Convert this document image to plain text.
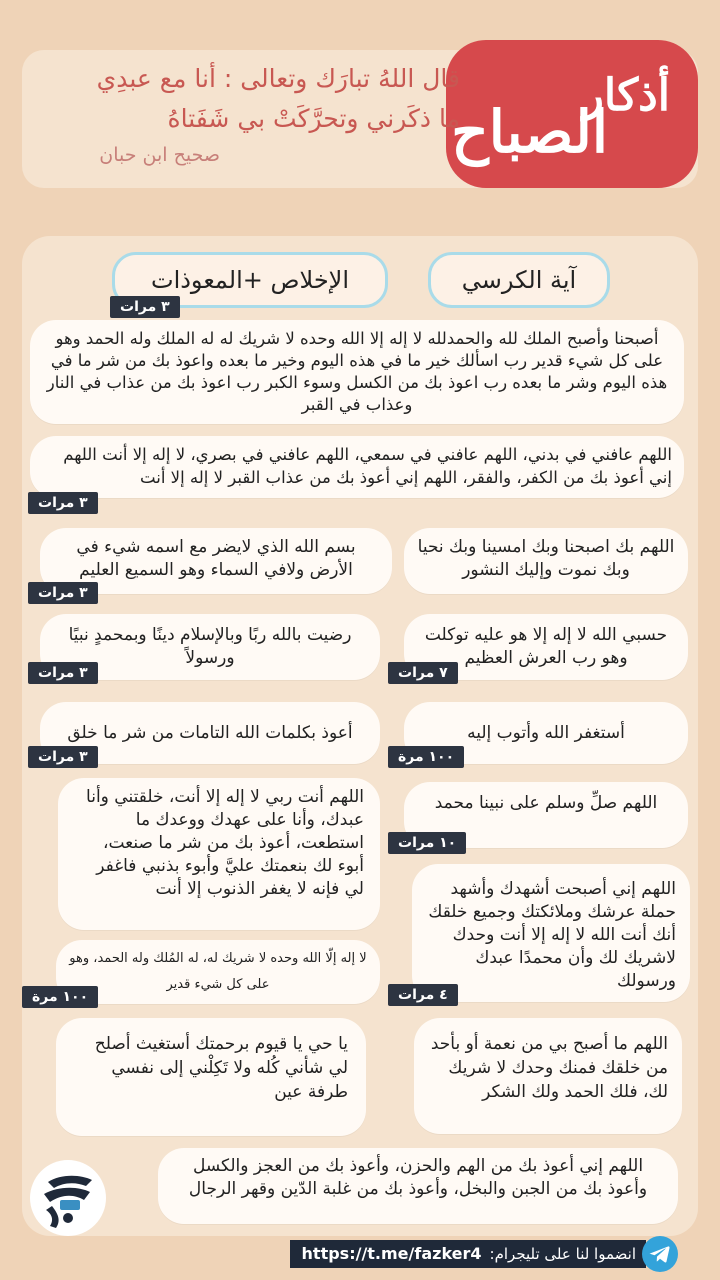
أذكار
الصباح
قال اللهُ تبارَك وتعالى : أنا مع عبدِي
ما ذكَرني وتحرَّكَتْ بي شَفَتاهُ
صحيح ابن حبان
آية الكرسي
الإخلاص +المعوذات
٣ مرات
أصبحنا وأصبح الملك لله والحمدلله لا إله إلا الله وحده لا شريك له له الملك وله الحمد وهو على كل شيء قدير رب اسألك خير ما في هذه اليوم وخير ما بعده واعوذ بك من شر ما في هذه اليوم وشر ما بعده رب اعوذ بك من الكسل وسوء الكبر رب اعوذ بك من عذاب في النار وعذاب في القبر
اللهم عافني في بدني، اللهم عافني في سمعي، اللهم عافني في بصري، لا إله إلا أنت اللهم إني أعوذ بك من الكفر، والفقر، اللهم إني أعوذ بك من عذاب القبر لا إله إلا أنت
٣ مرات
اللهم بك اصبحنا وبك امسينا وبك نحيا وبك نموت وإليك النشور
بسم الله الذي لايضر مع اسمه شيء في الأرض ولافي السماء وهو السميع العليم
٣ مرات
حسبي الله لا إله إلا هو عليه توكلت وهو رب العرش العظيم
٧ مرات
رضيت بالله ربًا وبالإسلام دينًا وبمحمدٍ نبيًا ورسولاً
٣ مرات
أستغفر الله وأتوب إليه
١٠٠ مرة
أعوذ بكلمات الله التامات من شر ما خلق
٣ مرات
اللهم صلِّ وسلم على نبينا محمد
١٠ مرات
اللهم أنت ربي لا إله إلا أنت، خلقتني وأنا عبدك، وأنا على عهدك ووعدك ما استطعت، أعوذ بك من شر ما صنعت، أبوء لك بنعمتك عليَّ وأبوء بذنبي فاغفر لي فإنه لا يغفر الذنوب إلا أنت	اللهم إني أصبحت أشهدك وأشهد حملة عرشك وملائكتك وجميع خلقك أنك أنت الله لا إله إلا أنت وحدك لاشريك لك وأن محمدًا عبدك ورسولك
٤ مرات
لا إله إلّا الله وحده لا شريك له، له المُلك وله الحمد، وهو على كل شيء قدير
١٠٠ مرة
يا حي يا قيوم برحمتك أستغيث أصلح لي شأني كُله ولا تَكِلْني إلى نفسي طرفة عين
اللهم ما أصبح بي من نعمة أو بأحد من خلقك فمنك وحدك لا شريك لك، فلك الحمد ولك الشكر
اللهم إني أعوذ بك من الهم والحزن، وأعوذ بك من العجز والكسل وأعوذ بك من الجبن والبخل، وأعوذ بك من غلبة الدّين وقهر الرجال
انضموا لنا على تليجرام:
https://t.me/fazker4
